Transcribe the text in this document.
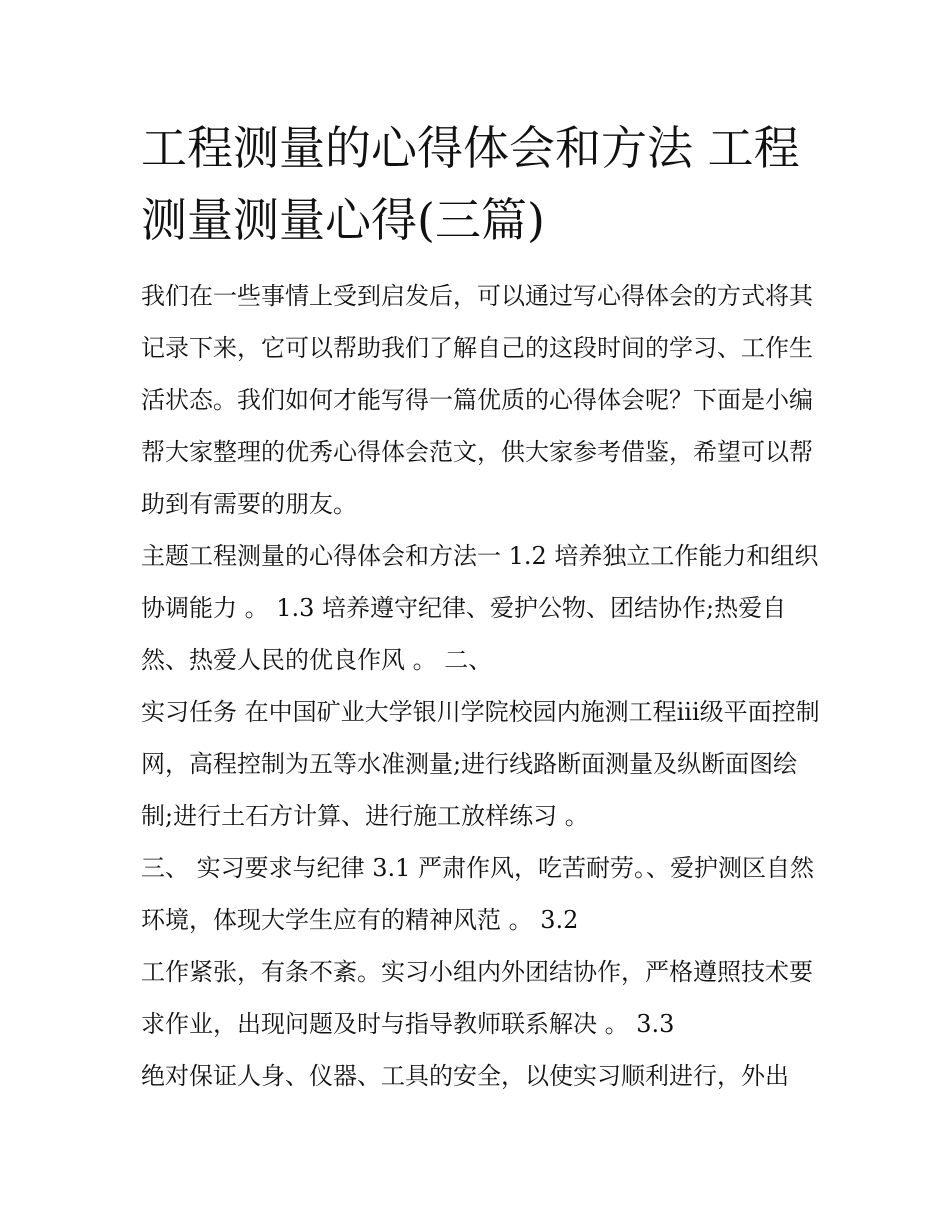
工程测量的心得体会和方法 工程测量测量心得(三篇)

我们在一些事情上受到启发后，可以通过写心得体会的方式将其记录下来，它可以帮助我们了解自己的这段时间的学习、工作生活状态。我们如何才能写得一篇优质的心得体会呢？下面是小编帮大家整理的优秀心得体会范文，供大家参考借鉴，希望可以帮助到有需要的朋友。

主题工程测量的心得体会和方法一 1.2 培养独立工作能力和组织协调能力 。 1.3 培养遵守纪律、爱护公物、团结协作;热爱自然、热爱人民的优良作风 。 二、

实习任务 在中国矿业大学银川学院校园内施测工程iii级平面控制网，高程控制为五等水准测量;进行线路断面测量及纵断面图绘制;进行土石方计算、进行施工放样练习 。

三、 实习要求与纪律 3.1 严肃作风，吃苦耐劳。、爱护测区自然环境，体现大学生应有的精神风范 。 3.2

工作紧张，有条不紊。实习小组内外团结协作，严格遵照技术要求作业，出现问题及时与指导教师联系解决 。 3.3

绝对保证人身、仪器、工具的安全，以使实习顺利进行，外出
